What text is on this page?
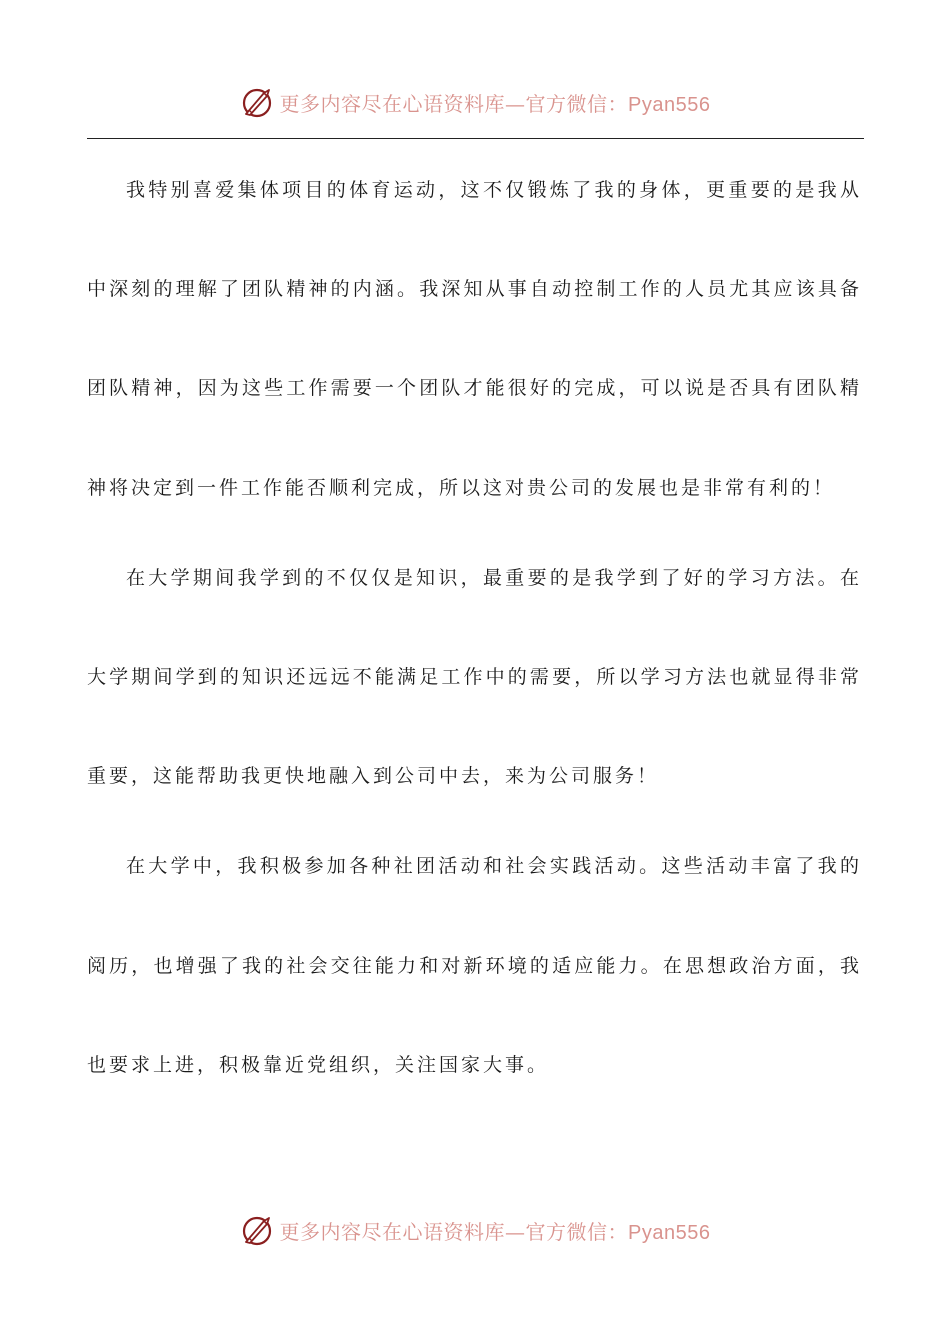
更多内容尽在心语资料库—官方微信：Pyan556

我特别喜爱集体项目的体育运动，这不仅锻炼了我的身体，更重要的是我从中深刻的理解了团队精神的内涵。我深知从事自动控制工作的人员尤其应该具备团队精神，因为这些工作需要一个团队才能很好的完成，可以说是否具有团队精神将决定到一件工作能否顺利完成，所以这对贵公司的发展也是非常有利的！

在大学期间我学到的不仅仅是知识，最重要的是我学到了好的学习方法。在大学期间学到的知识还远远不能满足工作中的需要，所以学习方法也就显得非常重要，这能帮助我更快地融入到公司中去，来为公司服务！

在大学中，我积极参加各种社团活动和社会实践活动。这些活动丰富了我的阅历，也增强了我的社会交往能力和对新环境的适应能力。在思想政治方面，我也要求上进，积极靠近党组织，关注国家大事。

更多内容尽在心语资料库—官方微信：Pyan556
